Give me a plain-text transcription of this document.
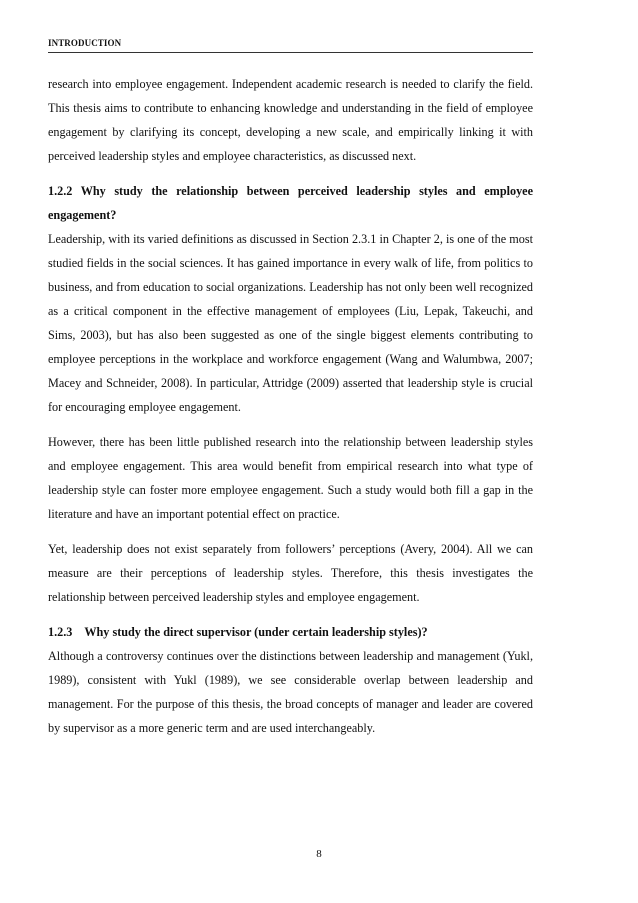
INTRODUCTION

research into employee engagement. Independent academic research is needed to clarify the field. This thesis aims to contribute to enhancing knowledge and understanding in the field of employee engagement by clarifying its concept, developing a new scale, and empirically linking it with perceived leadership styles and employee characteristics, as discussed next.

1.2.2 Why study the relationship between perceived leadership styles and employee engagement?

Leadership, with its varied definitions as discussed in Section 2.3.1 in Chapter 2, is one of the most studied fields in the social sciences. It has gained importance in every walk of life, from politics to business, and from education to social organizations. Leadership has not only been well recognized as a critical component in the effective management of employees (Liu, Lepak, Takeuchi, and Sims, 2003), but has also been suggested as one of the single biggest elements contributing to employee perceptions in the workplace and workforce engagement (Wang and Walumbwa, 2007; Macey and Schneider, 2008). In particular, Attridge (2009) asserted that leadership style is crucial for encouraging employee engagement.

However, there has been little published research into the relationship between leadership styles and employee engagement. This area would benefit from empirical research into what type of leadership style can foster more employee engagement. Such a study would both fill a gap in the literature and have an important potential effect on practice.

Yet, leadership does not exist separately from followers’ perceptions (Avery, 2004). All we can measure are their perceptions of leadership styles. Therefore, this thesis investigates the relationship between perceived leadership styles and employee engagement.

1.2.3    Why study the direct supervisor (under certain leadership styles)?

Although a controversy continues over the distinctions between leadership and management (Yukl, 1989), consistent with Yukl (1989), we see considerable overlap between leadership and management. For the purpose of this thesis, the broad concepts of manager and leader are covered by supervisor as a more generic term and are used interchangeably.

8
